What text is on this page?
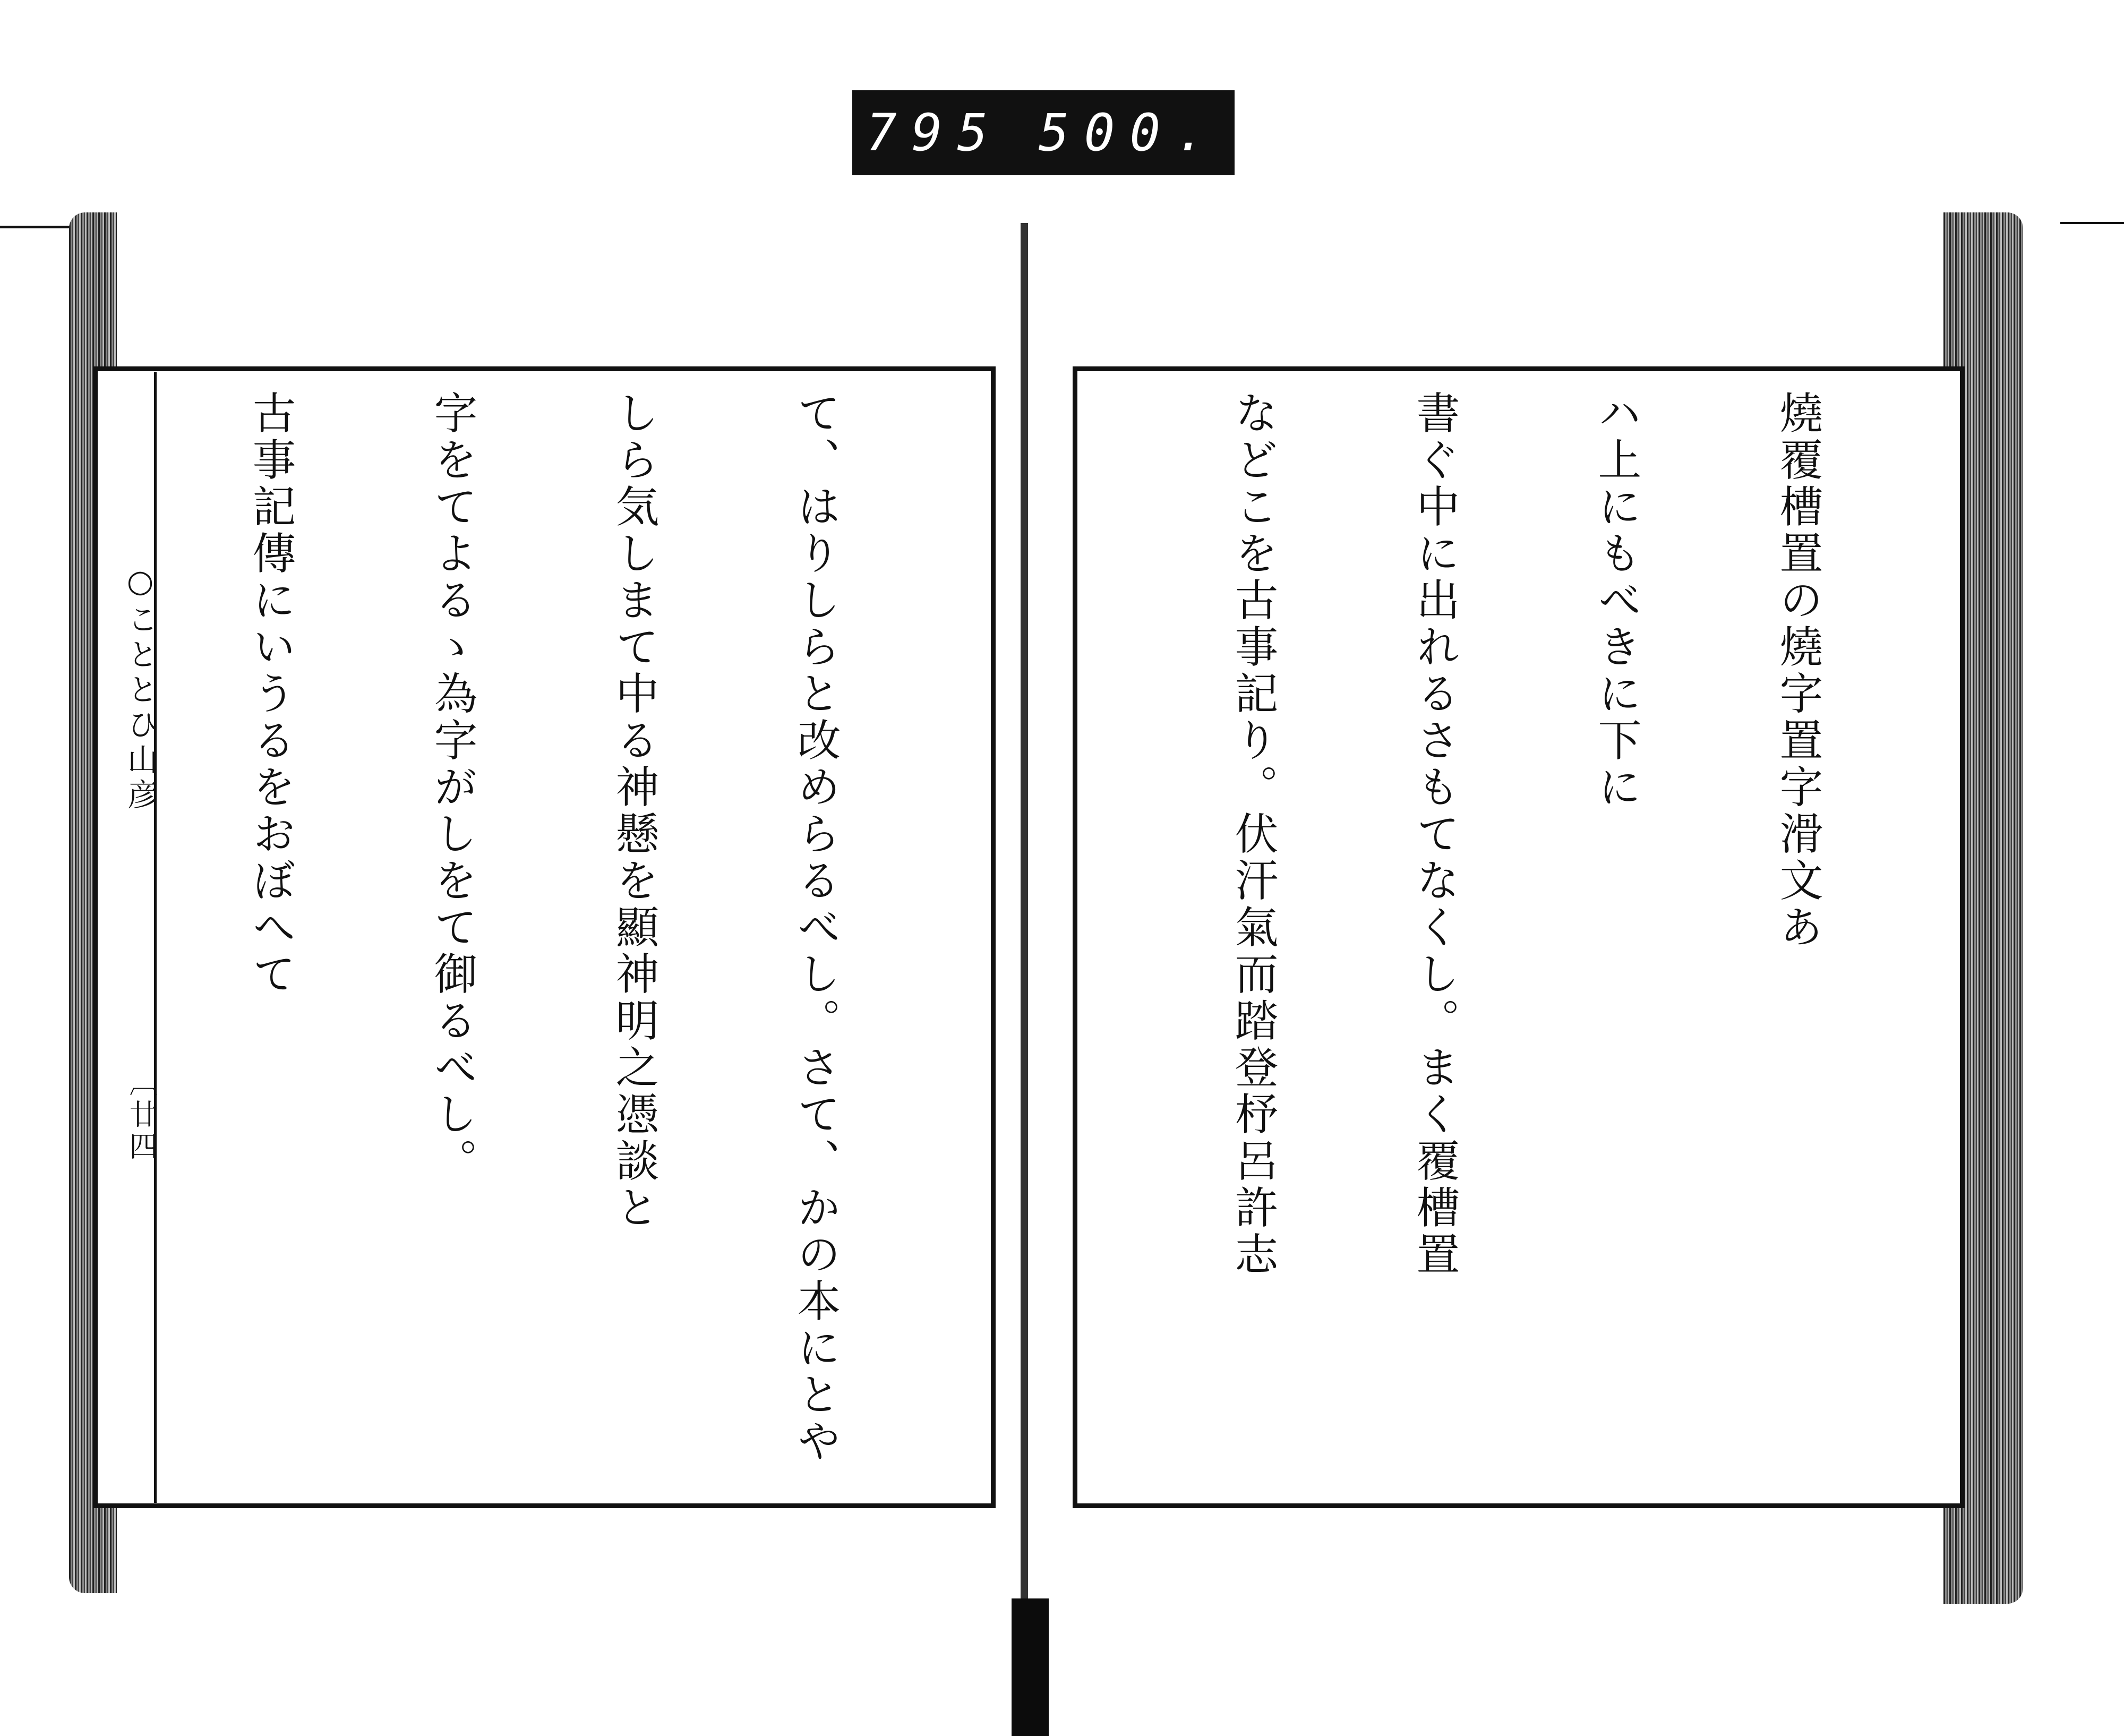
795 500.
○こととひ山彦
〔廿四

	て、はりしらと改めらるべし。さて、かの本にとや

しら気しまて中る神懸を顯神明之憑談と

字をてよるゝ為字がしをて御るべし。

古事記傳にいうるをおぼへて

	燒覆槽置の燒字置字滑文あ

ハ上にもべきに下に

書ぐ中に出れるさもてなくし。まく覆槽置

などこを古事記り。伏汗氣而踏登杼呂許志
